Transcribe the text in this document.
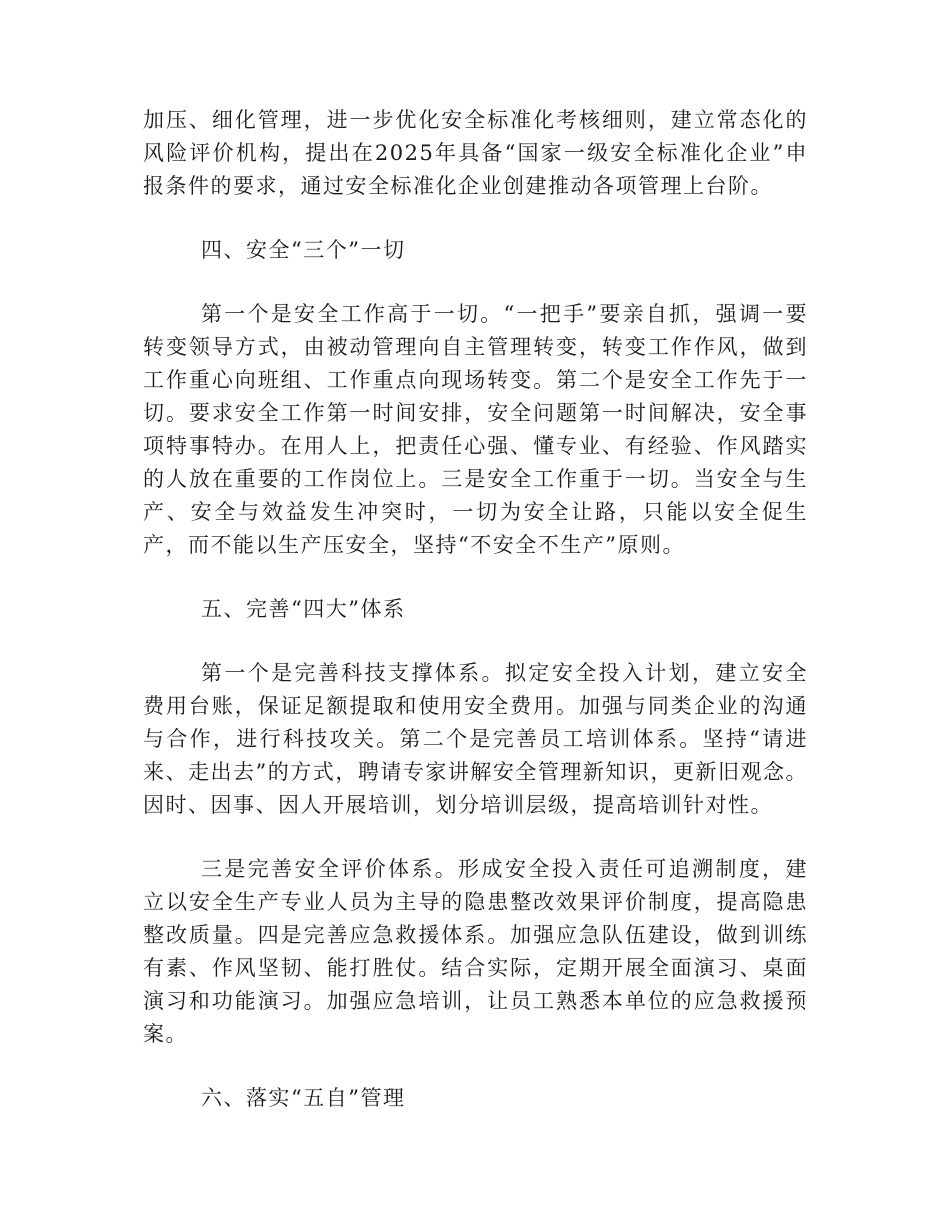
加压、细化管理，进一步优化安全标准化考核细则，建立常态化的风险评价机构，提出在2025年具备“国家一级安全标准化企业”申报条件的要求，通过安全标准化企业创建推动各项管理上台阶。

四、安全“三个”一切

第一个是安全工作高于一切。“一把手”要亲自抓，强调一要转变领导方式，由被动管理向自主管理转变，转变工作作风，做到工作重心向班组、工作重点向现场转变。第二个是安全工作先于一切。要求安全工作第一时间安排，安全问题第一时间解决，安全事项特事特办。在用人上，把责任心强、懂专业、有经验、作风踏实的人放在重要的工作岗位上。三是安全工作重于一切。当安全与生产、安全与效益发生冲突时，一切为安全让路，只能以安全促生产，而不能以生产压安全，坚持“不安全不生产”原则。

五、完善“四大”体系

第一个是完善科技支撑体系。拟定安全投入计划，建立安全费用台账，保证足额提取和使用安全费用。加强与同类企业的沟通与合作，进行科技攻关。第二个是完善员工培训体系。坚持“请进来、走出去”的方式，聘请专家讲解安全管理新知识，更新旧观念。因时、因事、因人开展培训，划分培训层级，提高培训针对性。

三是完善安全评价体系。形成安全投入责任可追溯制度，建立以安全生产专业人员为主导的隐患整改效果评价制度，提高隐患整改质量。四是完善应急救援体系。加强应急队伍建设，做到训练有素、作风坚韧、能打胜仗。结合实际，定期开展全面演习、桌面演习和功能演习。加强应急培训，让员工熟悉本单位的应急救援预案。

六、落实“五自”管理
